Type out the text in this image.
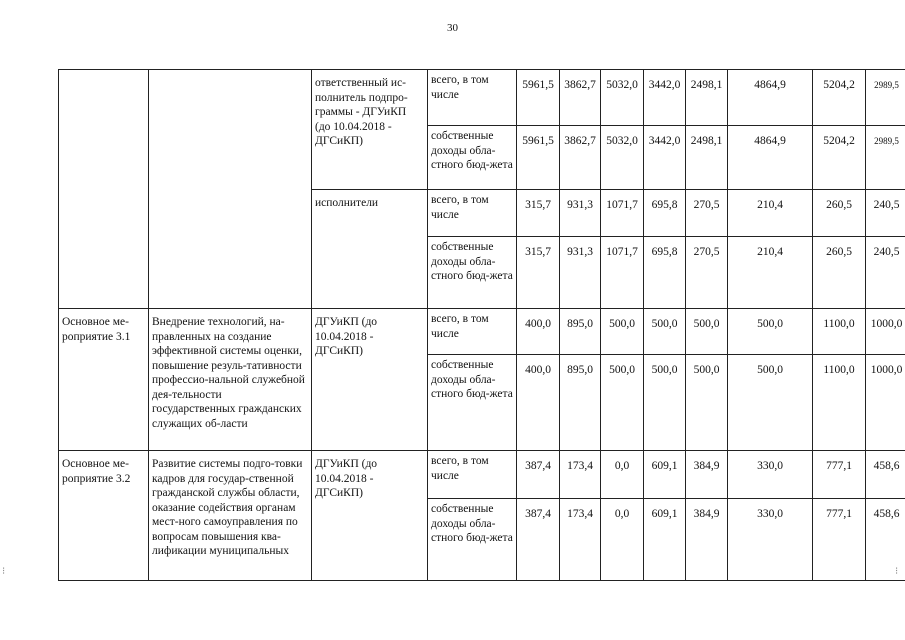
30
		ответственный ис-полнитель подпро-граммы - ДГУиКП (до 10.04.2018 - ДГСиКП)	всего, в том числе	5961,5	3862,7	5032,0	3442,0	2498,1	4864,9	5204,2	2989,5
			собственные доходы обла-стного бюд-жета	5961,5	3862,7	5032,0	3442,0	2498,1	4864,9	5204,2	2989,5
		исполнители	всего, в том числе	315,7	931,3	1071,7	695,8	270,5	210,4	260,5	240,5
			собственные доходы обла-стного бюд-жета	315,7	931,3	1071,7	695,8	270,5	210,4	260,5	240,5
Основное ме-роприятие 3.1	Внедрение технологий, на-правленных на создание эффективной системы оценки, повышение резуль-тативности профессио-нальной служебной дея-тельности государственных гражданских служащих об-ласти	ДГУиКП (до 10.04.2018 - ДГСиКП)	всего, в том числе	400,0	895,0	500,0	500,0	500,0	500,0	1100,0	1000,0
			собственные доходы обла-стного бюд-жета	400,0	895,0	500,0	500,0	500,0	500,0	1100,0	1000,0
Основное ме-роприятие 3.2	Развитие системы подго-товки кадров для государ-ственной гражданской службы области, оказание содействия органам мест-ного самоуправления по вопросам повышения ква-лификации муниципальных	ДГУиКП (до 10.04.2018 - ДГСиКП)	всего, в том числе	387,4	173,4	0,0	609,1	384,9	330,0	777,1	458,6
			собственные доходы обла-стного бюд-жета	387,4	173,4	0,0	609,1	384,9	330,0	777,1	458,6
⁝	⁝
